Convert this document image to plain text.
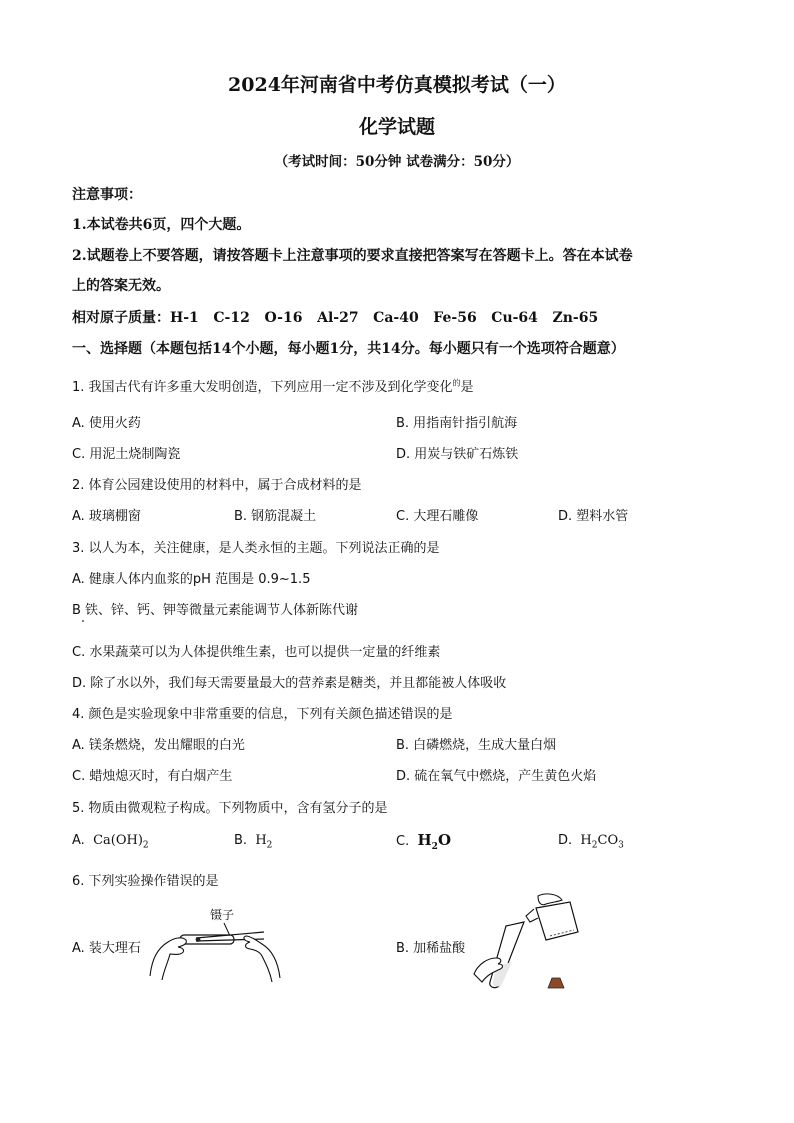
2024年河南省中考仿真模拟考试（一）
化学试题
（考试时间：50分钟 试卷满分：50分）
注意事项：
1.本试卷共6页，四个大题。
2.试题卷上不要答题，请按答题卡上注意事项的要求直接把答案写在答题卡上。答在本试卷
上的答案无效。
相对原子质量：H-1   C-12   O-16   Al-27   Ca-40   Fe-56   Cu-64   Zn-65
一、选择题（本题包括14个小题，每小题1分，共14分。每小题只有一个选项符合题意）
1. 我国古代有许多重大发明创造，下列应用一定不涉及到化学变化$^的$是
A. 使用火药	B. 用指南针指引航海
C. 用泥土烧制陶瓷	D. 用炭与铁矿石炼铁
2. 体育公园建设使用的材料中，属于合成材料的是
A. 玻璃棚窗	B. 钢筋混凝土	C. 大理石雕像	D. 塑料水管
3. 以人为本，关注健康，是人类永恒的主题。下列说法正确的是
A. 健康人体内血浆的pH 范围是 0.9~1.5
B 铁、锌、钙、钾等微量元素能调节人体新陈代谢
C. 水果蔬菜可以为人体提供维生素，也可以提供一定量的纤维素
D. 除了水以外，我们每天需要量最大的营养素是糖类，并且都能被人体吸收
4. 颜色是实验现象中非常重要的信息，下列有关颜色描述错误的是
A. 镁条燃烧，发出耀眼的白光	B. 白磷燃烧，生成大量白烟
C. 蜡烛熄灭时，有白烟产生	D. 硫在氧气中燃烧，产生黄色火焰
5. 物质由微观粒子构成。下列物质中，含有氢分子的是
A. $Ca(OH)_2$	B. $H_2$	C. $H_2O$	D. $H_2CO_3$
6. 下列实验操作错误的是
A. 装大理石	B. 加稀盐酸
镊子
